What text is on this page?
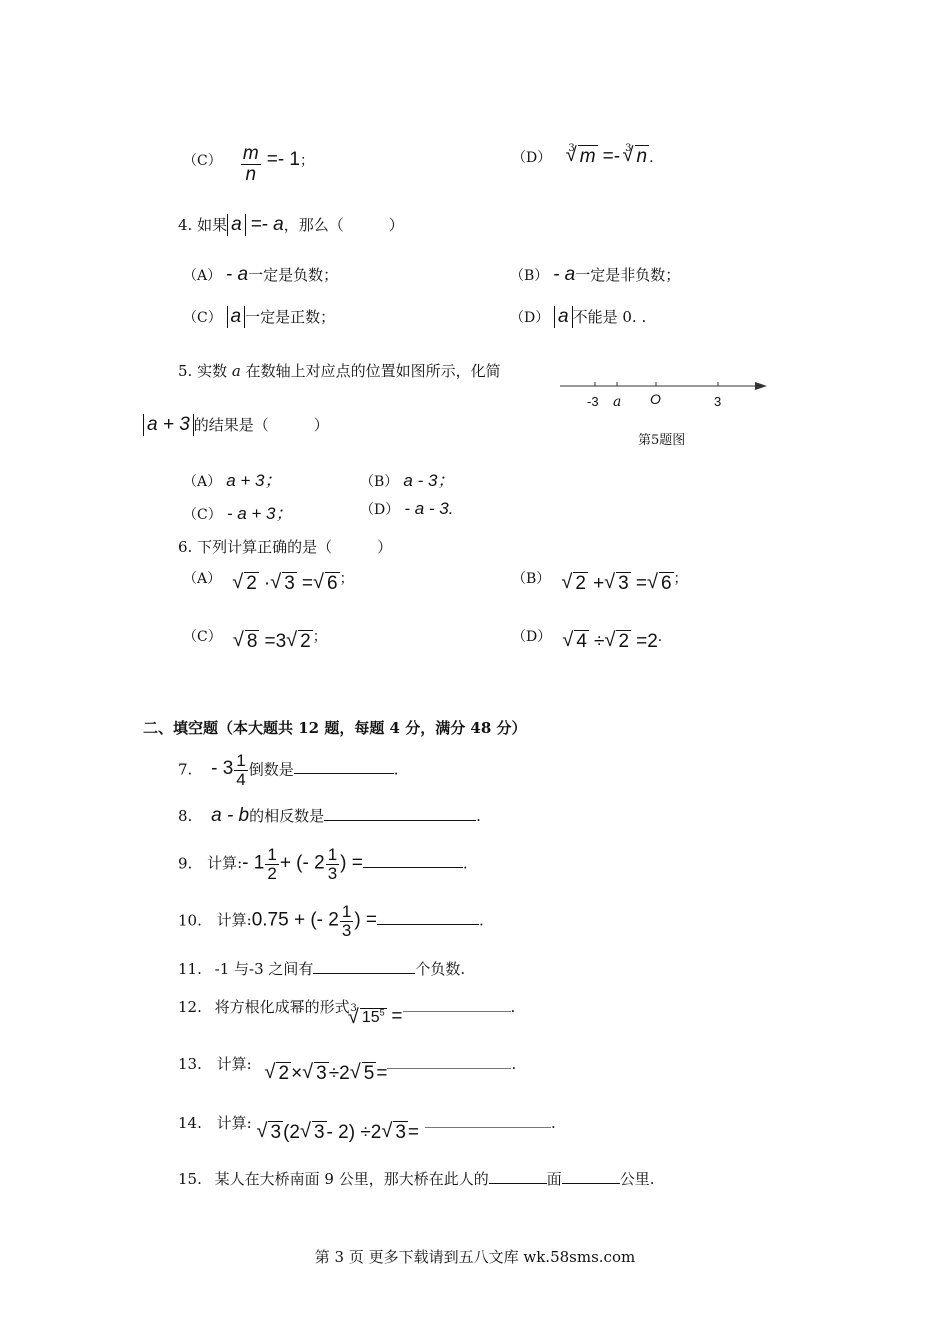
$(C) \frac{m}{n} =- 1$；	（D） $^3$ √ m =- $^3$ √ n .
4. 如果 a =- a，那么（　　　）
（A） - a一定是负数；	（B） - a一定是非负数；
（C） a 一定是正数；	（D） a 不能是 0. .
5. 实数 a 在数轴上对应点的位置如图所示，化简
a + 3 的结果是（　　　）
-3 a O	3
第5题图
（A） a + 3；	（B） a - 3；
（C） - a + 3；	（D） - a - 3.
6. 下列计算正确的是（　　　）
（A） √ 2 · √ 3 = √ 6 ；	（B） √ 2 + √ 3 = √ 6 ；
（C） √ 8 =3 √ 2 ；	（D） √ 4 ÷ √ 2 =2.
二、填空题（本大题共 12 题，每题 4 分，满分 48 分）
7. - $3 \frac{1}{4}$ 倒数是	.
8. a - b的相反数是	.
9. 计算:- $1 \frac{1}{2}$ + (- $2 \frac{1}{3}$ ) =	.
10. 计算:0.75 + (- $2 \frac{1}{3}$ ) =	.
11. -1 与-3 之间有	个负数.
12. 将方根化成幂的形式 $^3$√ $15^5$ =	.
13. 计算: √ 2 × √ 3 ÷2 √ 5 =	.
14. 计算: √ 3 (2 √ 3 - 2) ÷2 √ 3 =	.
15. 某人在大桥南面 9 公里，那大桥在此人的	面	公里.
第 3 页 更多下载请到五八文库 wk.58sms.com
